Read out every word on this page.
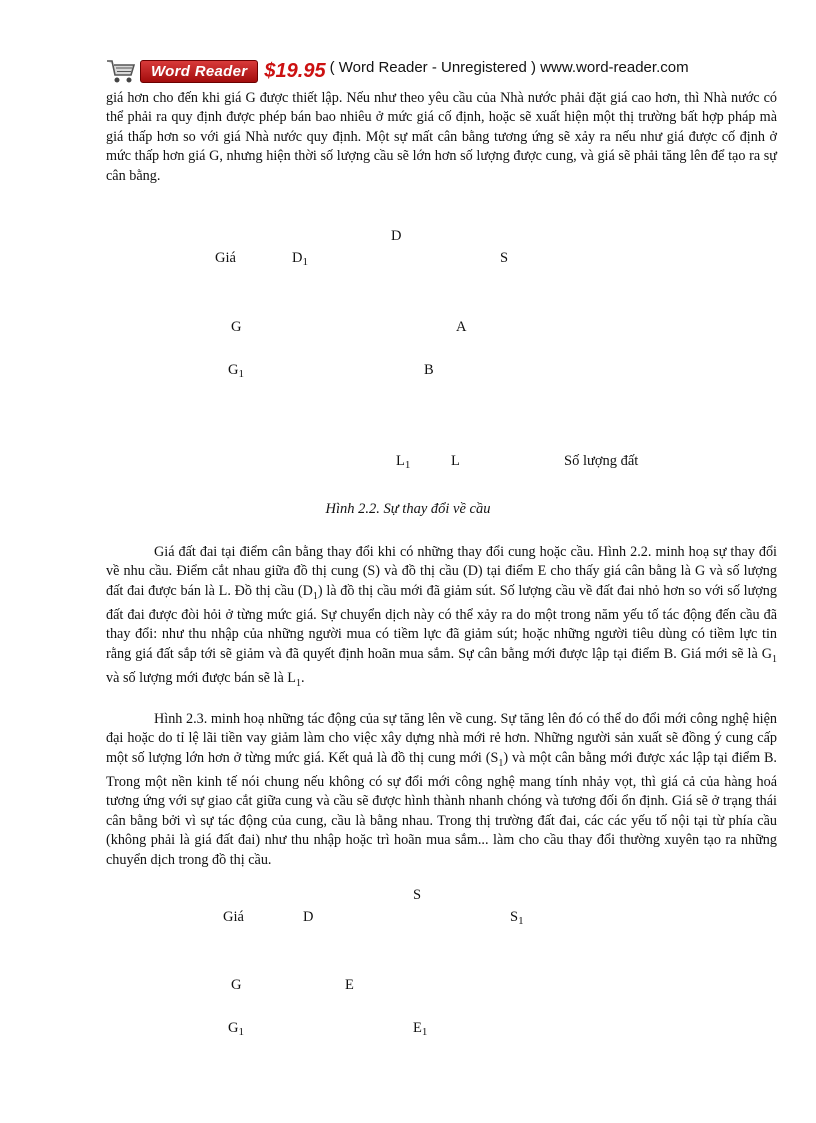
Word Reader $19.95 ( Word Reader - Unregistered ) www.word-reader.com
giá hơn cho đến khi giá G được thiết lập. Nếu như theo yêu cầu của Nhà nước phải đặt giá cao hơn, thì Nhà nước có thể phải ra quy định được phép bán bao nhiêu ở mức giá cố định, hoặc sẽ xuất hiện một thị trường bất hợp pháp mà giá thấp hơn so với giá Nhà nước quy định. Một sự mất cân bằng tương ứng sẽ xảy ra nếu như giá được cố định ở mức thấp hơn giá G, nhưng hiện thời số lượng cầu sẽ lớn hơn số lượng được cung, và giá sẽ phải tăng lên để tạo ra sự cân bằng.
D
Giá	$D_1$	S
G	A
$G_1$	B
$L_1$	L	Số lượng đất
Hình 2.2. Sự thay đổi về cầu
Giá đất đai tại điểm cân bằng thay đổi khi có những thay đổi cung hoặc cầu. Hình 2.2. minh hoạ sự thay đổi về nhu cầu. Điểm cắt nhau giữa đồ thị cung (S) và đồ thị cầu (D) tại điểm E cho thấy giá cân bằng là G và số lượng đất đai được bán là L. Đồ thị cầu $(D_1)$ là đồ thị cầu mới đã giảm sút. Số lượng cầu về đất đai nhỏ hơn so với số lượng đất đai được đòi hỏi ở từng mức giá. Sự chuyển dịch này có thể xảy ra do một trong năm yếu tố tác động đến cầu đã thay đổi: như thu nhập của những người mua có tiềm lực đã giảm sút; hoặc những người tiêu dùng có tiềm lực tin rằng giá đất sắp tới sẽ giảm và đã quyết định hoãn mua sắm. Sự cân bằng mới được lập tại điểm B. Giá mới sẽ là $G_1$ và số lượng mới được bán sẽ là $L_1$.
Hình 2.3. minh hoạ những tác động của sự tăng lên về cung. Sự tăng lên đó có thể do đổi mới công nghệ hiện đại hoặc do tỉ lệ lãi tiền vay giảm làm cho việc xây dựng nhà mới rẻ hơn. Những người sản xuất sẽ đồng ý cung cấp một số lượng lớn hơn ở từng mức giá. Kết quả là đồ thị cung mới $(S_1)$ và một cân bằng mới được xác lập tại điểm B. Trong một nền kinh tế nói chung nếu không có sự đổi mới công nghệ mang tính nhảy vọt, thì giá cả của hàng hoá tương ứng với sự giao cắt giữa cung và cầu sẽ được hình thành nhanh chóng và tương đối ổn định. Giá sẽ ở trạng thái cân bằng bởi vì sự tác động của cung, cầu là bằng nhau. Trong thị trường đất đai, các các yếu tố nội tại từ phía cầu (không phải là giá đất đai) như thu nhập hoặc trì hoãn mua sắm... làm cho cầu thay đổi thường xuyên tạo ra những chuyển dịch trong đồ thị cầu.
S
Giá	D	$S_1$
G	E
$G_1$	$E_1$
